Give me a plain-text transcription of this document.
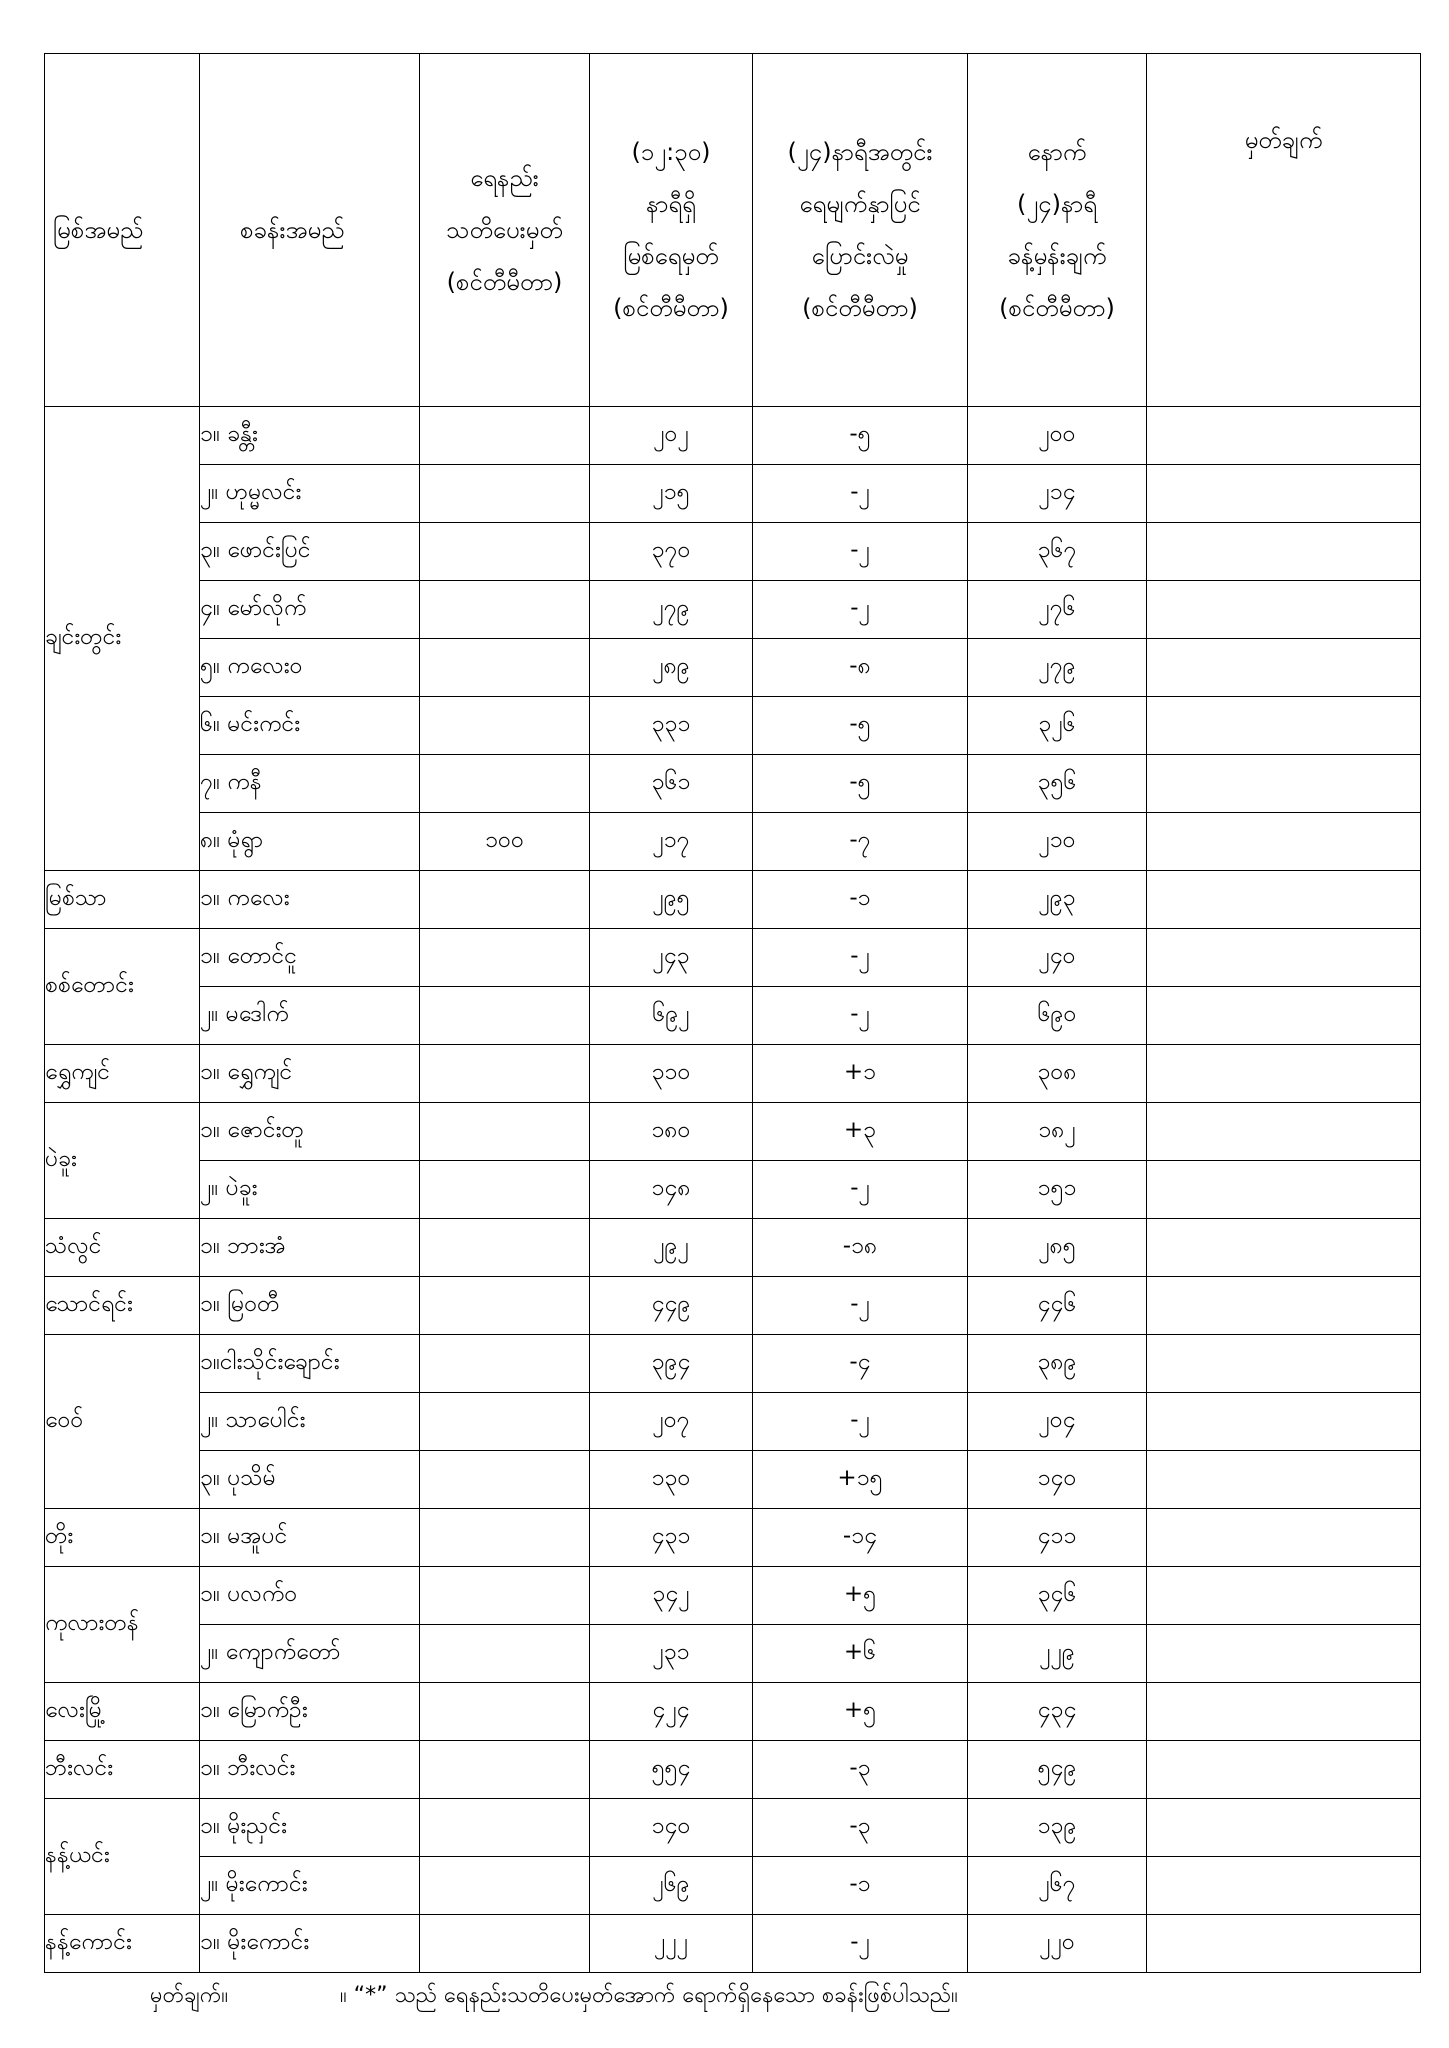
မြစ်အမည်	စခန်းအမည်	ရေနည်း
သတိပေးမှတ်
(စင်တီမီတာ)	(၁၂:၃၀)
နာရီရှိ
မြစ်ရေမှတ်
(စင်တီမီတာ)	(၂၄)နာရီအတွင်း
ရေမျက်နှာပြင်
ပြောင်းလဲမှု
(စင်တီမီတာ)	နောက်
(၂၄)နာရီ
ခန့်မှန်းချက်
(စင်တီမီတာ)	မှတ်ချက်

ချင်းတွင်း	၁။ ခန္တီး		၂၀၂	-၅	၂၀၀	
	၂။ ဟုမ္မလင်း		၂၁၅	-၂	၂၁၄	
	၃။ ဖောင်းပြင်		၃၇၀	-၂	၃၆၇	
	၄။ မော်လိုက်		၂၇၉	-၂	၂၇၆	
	၅။ ကလေးဝ		၂၈၉	-၈	၂၇၉	
	၆။ မင်းကင်း		၃၃၁	-၅	၃၂၆	
	၇။ ကနီ		၃၆၁	-၅	၃၅၆	
	၈။ မုံရွာ	၁၀၀	၂၁၇	-၇	၂၁၀	
မြစ်သာ	၁။ ကလေး		၂၉၅	-၁	၂၉၃	
စစ်တောင်း	၁။ တောင်ငူ		၂၄၃	-၂	၂၄၀	
	၂။ မဒေါက်		၆၉၂	-၂	၆၉၀	
ရွှေကျင်	၁။ ရွှေကျင်		၃၁၀	+၁	၃၀၈	
ပဲခူး	၁။ ဇောင်းတူ		၁၈၀	+၃	၁၈၂	
	၂။ ပဲခူး		၁၄၈	-၂	၁၅၁	
သံလွင်	၁။ ဘားအံ		၂၉၂	-၁၈	၂၈၅	
သောင်ရင်း	၁။ မြဝတီ		၄၄၉	-၂	၄၄၆	
ဝေဝ်	၁။ငါးသိုင်းချောင်း		၃၉၄	-၄	၃၈၉	
	၂။ သာပေါင်း		၂၀၇	-၂	၂၀၄	
	၃။ ပုသိမ်		၁၃၀	+၁၅	၁၄၀	
တိုး	၁။ မအူပင်		၄၃၁	-၁၄	၄၁၁	
ကုလားတန်	၁။ ပလက်ဝ		၃၄၂	+၅	၃၄၆	
	၂။ ကျောက်တော်		၂၃၁	+၆	၂၂၉	
လေးမြို့	၁။ မြောက်ဦး		၄၂၄	+၅	၄၃၄	
ဘီးလင်း	၁။ ဘီးလင်း		၅၅၄	-၃	၅၄၉	
နန့်ယင်း	၁။ မိုးညှင်း		၁၄၀	-၃	၁၃၉	
	၂။ မိုးကောင်း		၂၆၉	-၁	၂၆၇	
နန့်ကောင်း	၁။ မိုးကောင်း		၂၂၂	-၂	၂၂၀	
မှတ်ချက်။	။ “*” သည် ရေနည်းသတိပေးမှတ်အောက် ရောက်ရှိနေသော စခန်းဖြစ်ပါသည်။
